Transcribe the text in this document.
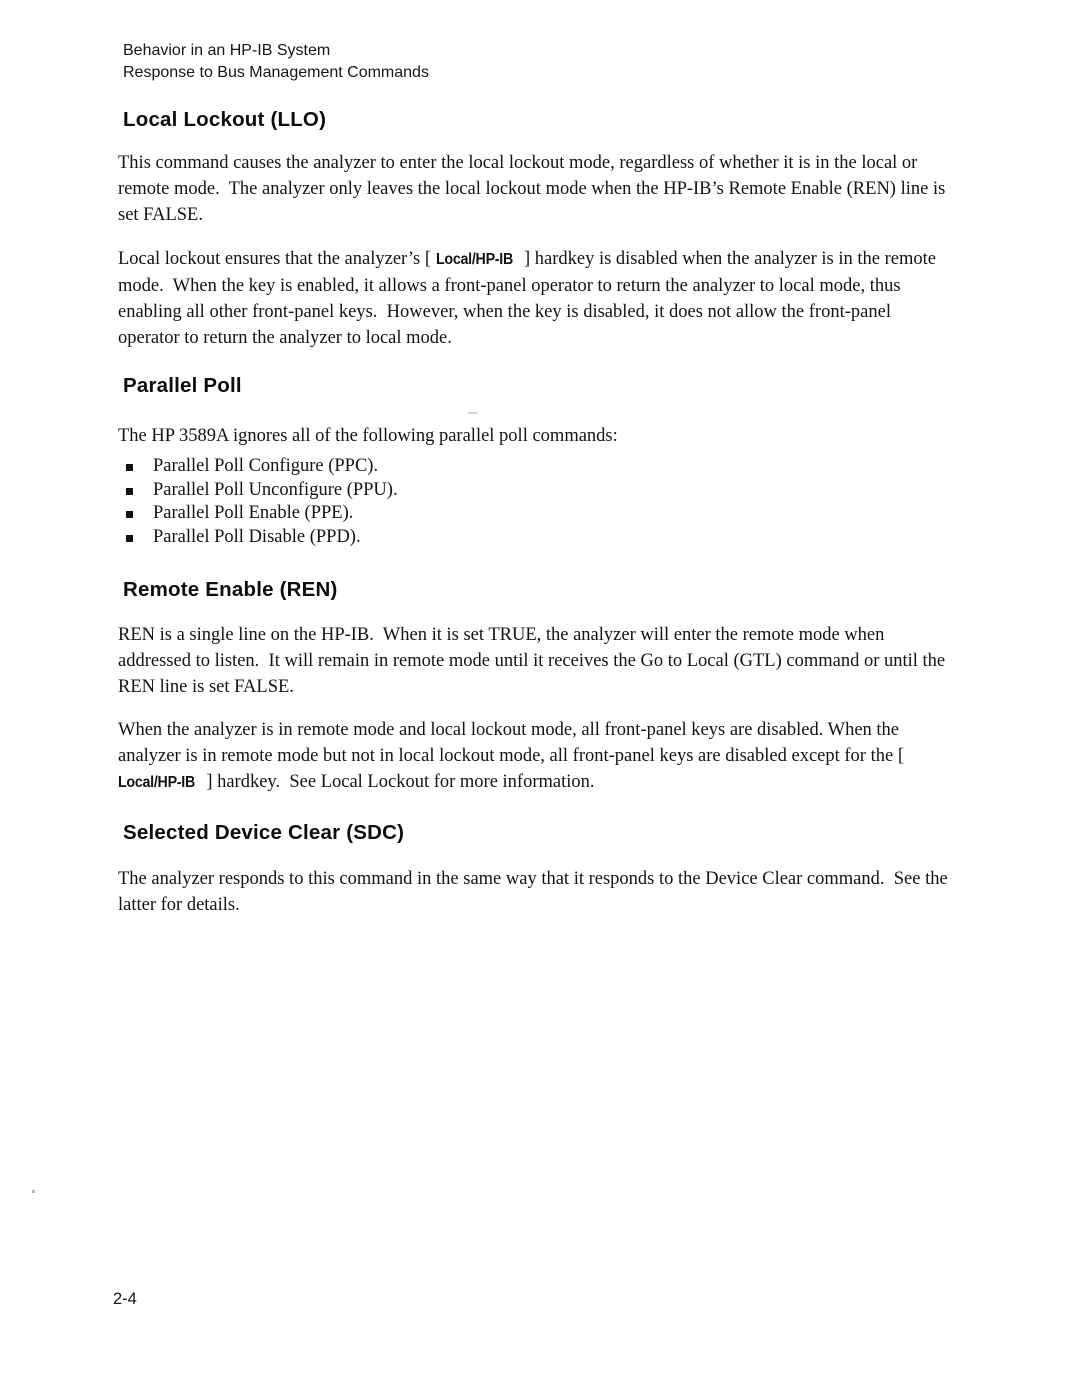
Behavior in an HP-IB System
Response to Bus Management Commands
Local Lockout (LLO)

This command causes the analyzer to enter the local lockout mode, regardless of whether it is in the local or remote mode.  The analyzer only leaves the local lockout mode when the HP-IB’s Remote Enable (REN) line is set FALSE.

Local lockout ensures that the analyzer’s [ Local/HP-IB ] hardkey is disabled when the analyzer is in the remote mode.  When the key is enabled, it allows a front-panel operator to return the analyzer to local mode, thus enabling all other front-panel keys.  However, when the key is disabled, it does not allow the front-panel operator to return the analyzer to local mode.

Parallel Poll

The HP 3589A ignores all of the following parallel poll commands:

Parallel Poll Configure (PPC).
Parallel Poll Unconfigure (PPU).
Parallel Poll Enable (PPE).
Parallel Poll Disable (PPD).
Remote Enable (REN)

REN is a single line on the HP-IB.  When it is set TRUE, the analyzer will enter the remote mode when addressed to listen.  It will remain in remote mode until it receives the Go to Local (GTL) command or until the REN line is set FALSE.

When the analyzer is in remote mode and local lockout mode, all front-panel keys are disabled. When the analyzer is in remote mode but not in local lockout mode, all front-panel keys are disabled except for the [ Local/HP-IB ] hardkey.  See Local Lockout for more information.

Selected Device Clear (SDC)

The analyzer responds to this command in the same way that it responds to the Device Clear command.  See the latter for details.

2-4
